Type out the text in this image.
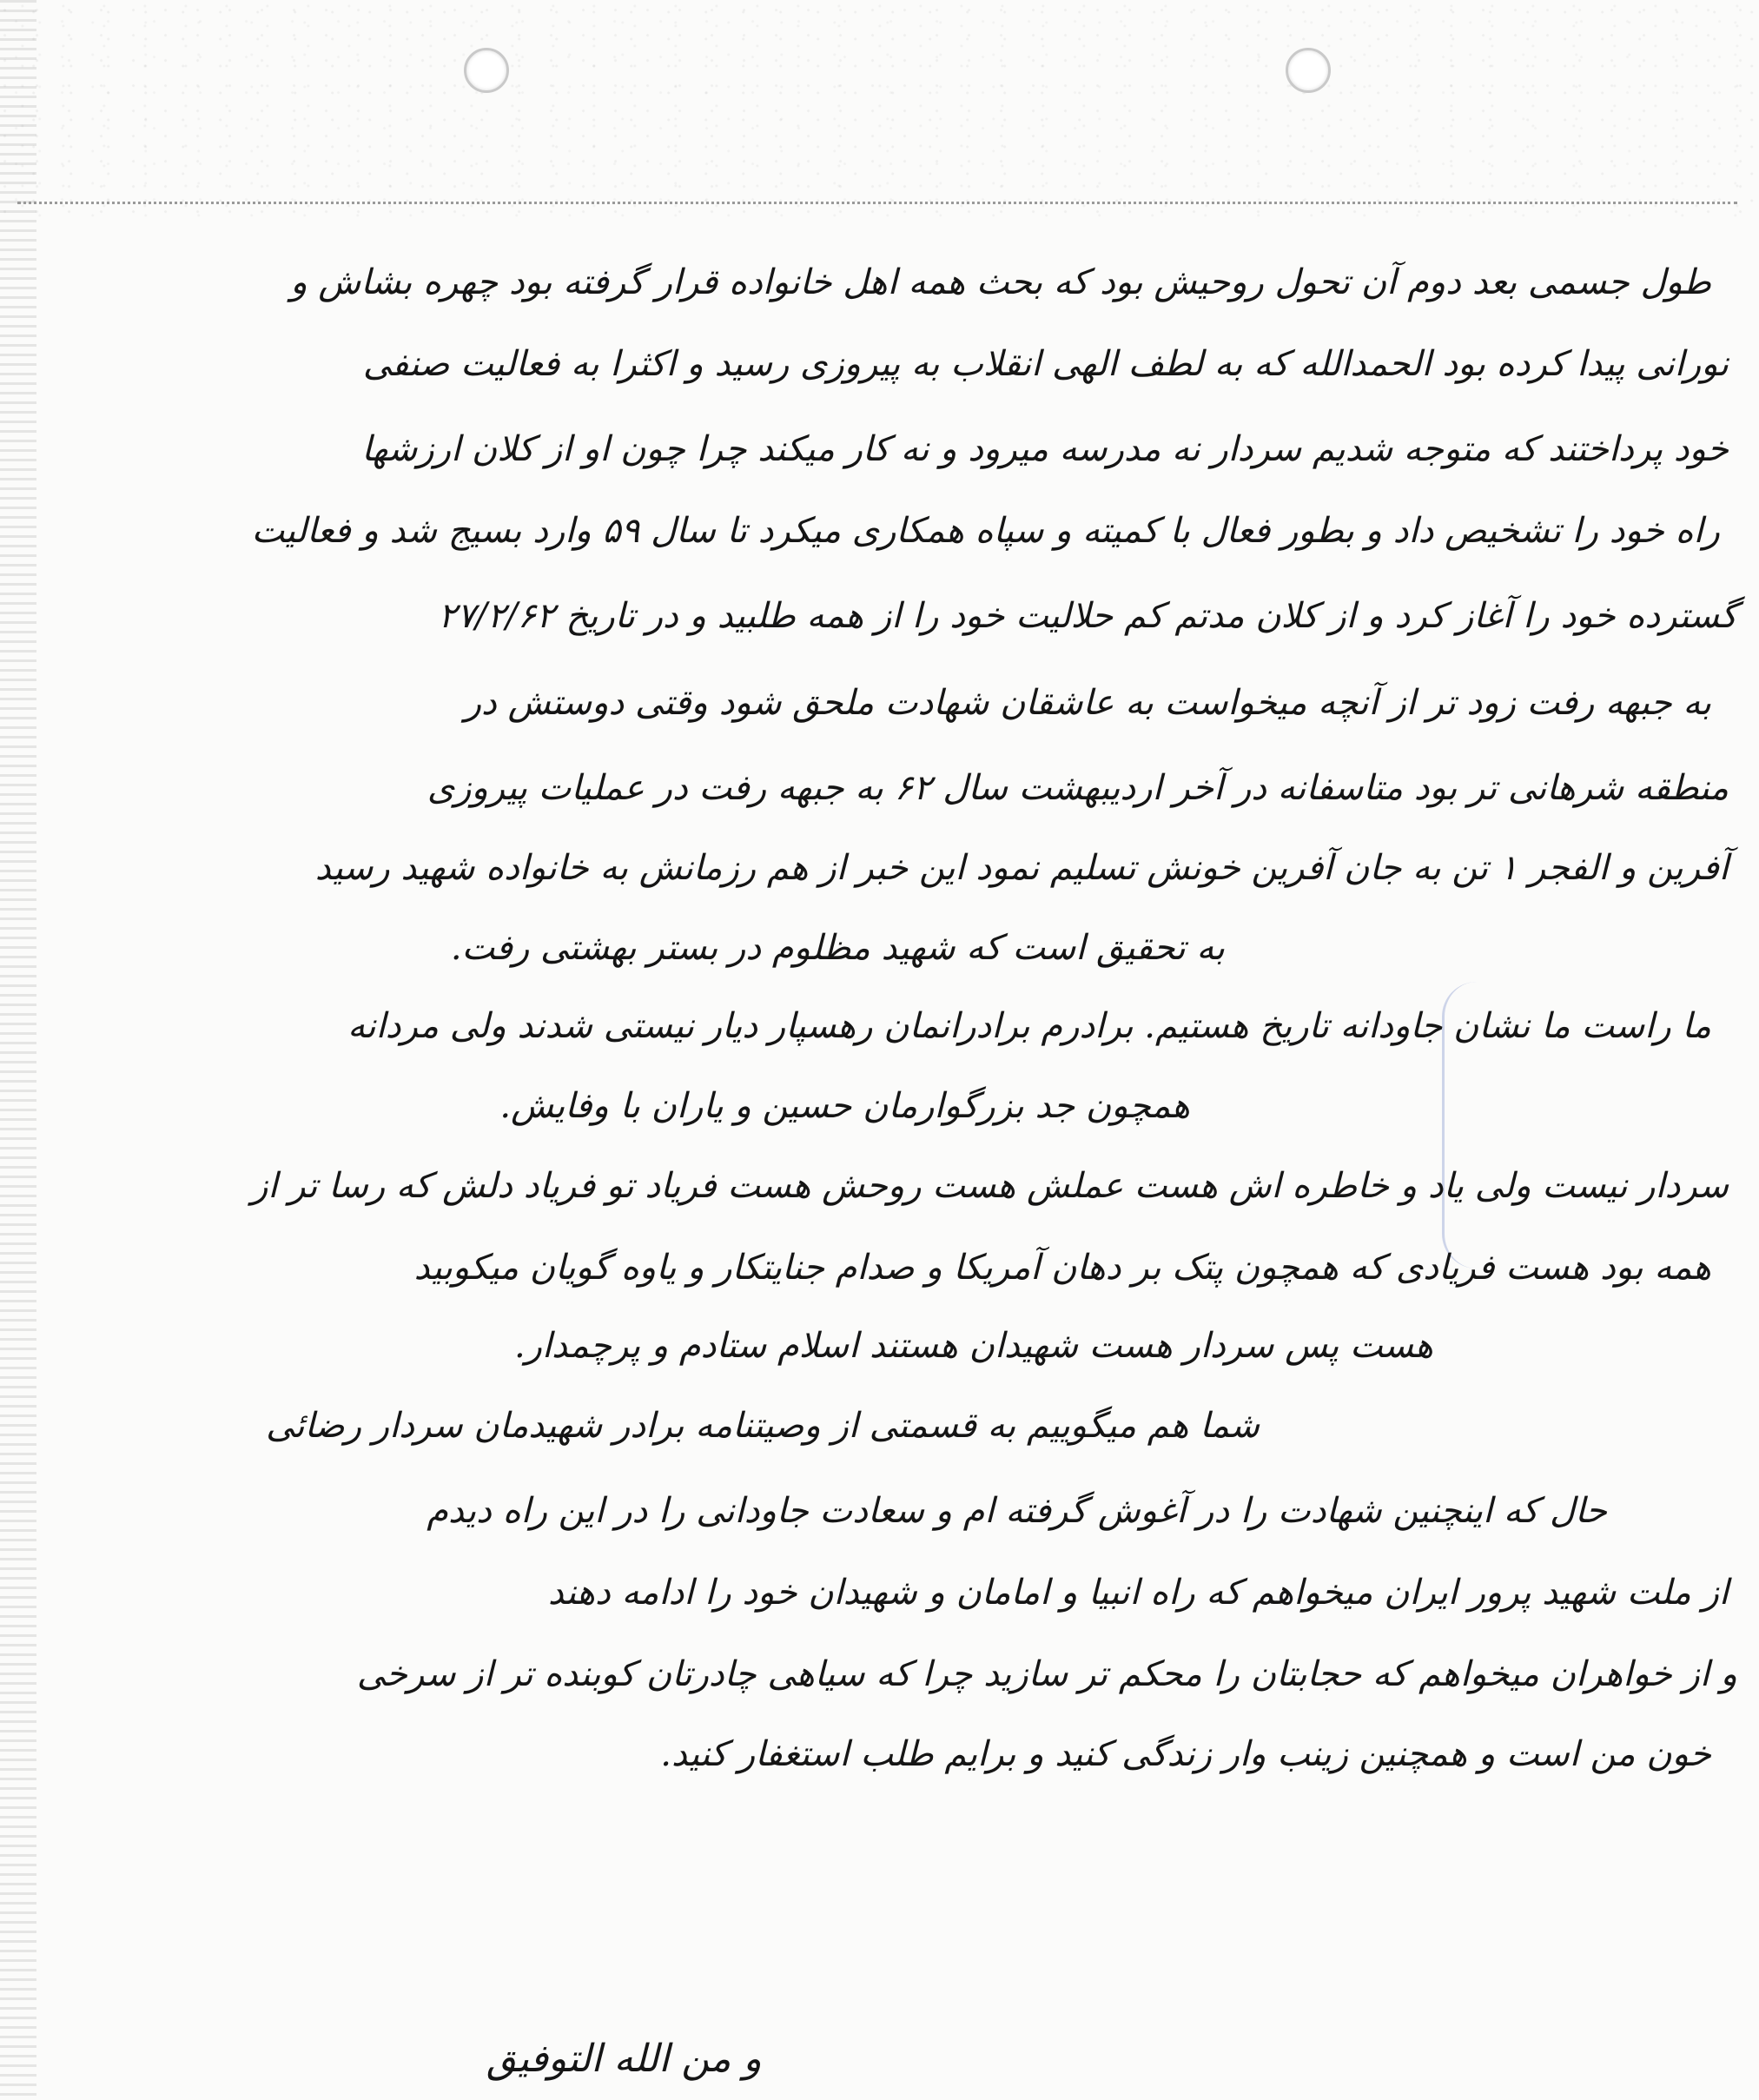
طول جسمی بعد دوم آن تحول روحیش بود که بحث همه اهل خانواده قرار گرفته بود چهره بشاش و

نورانی پیدا کرده بود الحمدالله که به لطف الهی انقلاب به پیروزی رسید و اکثرا به فعالیت صنفی

خود پرداختند که متوجه شدیم سردار نه مدرسه میرود و نه کار میکند چرا چون او از کلان ارزشها

راه خود را تشخیص داد و بطور فعال با کمیته و سپاه همکاری میکرد تا سال ۵۹ وارد بسیج شد و فعالیت

گسترده خود را آغاز کرد و از کلان مدتم کم حلالیت خود را از همه طلبید و در تاریخ ۲۷/۲/۶۲

به جبهه رفت زود تر از آنچه میخواست به عاشقان شهادت ملحق شود وقتی دوستش در

منطقه شرهانی تر بود متاسفانه در آخر اردیبهشت سال ۶۲ به جبهه رفت در عملیات پیروزی

آفرین و الفجر ۱ تن به جان آفرین خونش تسلیم نمود این خبر از هم رزمانش به خانواده شهید رسید

به تحقیق است که شهید مظلوم در بستر بهشتی رفت.

ما راست ما نشان جاودانه تاریخ هستیم. برادرم برادرانمان رهسپار دیار نیستی شدند ولی مردانه

همچون جد بزرگوارمان حسین و یاران با وفایش.

سردار نیست ولی یاد و خاطره اش هست عملش هست روحش هست فریاد تو فریاد دلش که رسا تر از

همه بود هست فریادی که همچون پتک بر دهان آمریکا و صدام جنایتکار و یاوه گویان میکوبید

هست پس سردار هست شهیدان هستند اسلام ستادم و پرچمدار.

شما هم میگوییم به قسمتی از وصیتنامه برادر شهیدمان سردار رضائی

حال که اینچنین شهادت را در آغوش گرفته ام و سعادت جاودانی را در این راه دیدم

از ملت شهید پرور ایران میخواهم که راه انبیا و امامان و شهیدان خود را ادامه دهند

و از خواهران میخواهم که حجابتان را محکم تر سازید چرا که سیاهی چادرتان کوبنده تر از سرخی

خون من است و همچنین زینب وار زندگی کنید و برایم طلب استغفار کنید.

و من الله التوفیق
